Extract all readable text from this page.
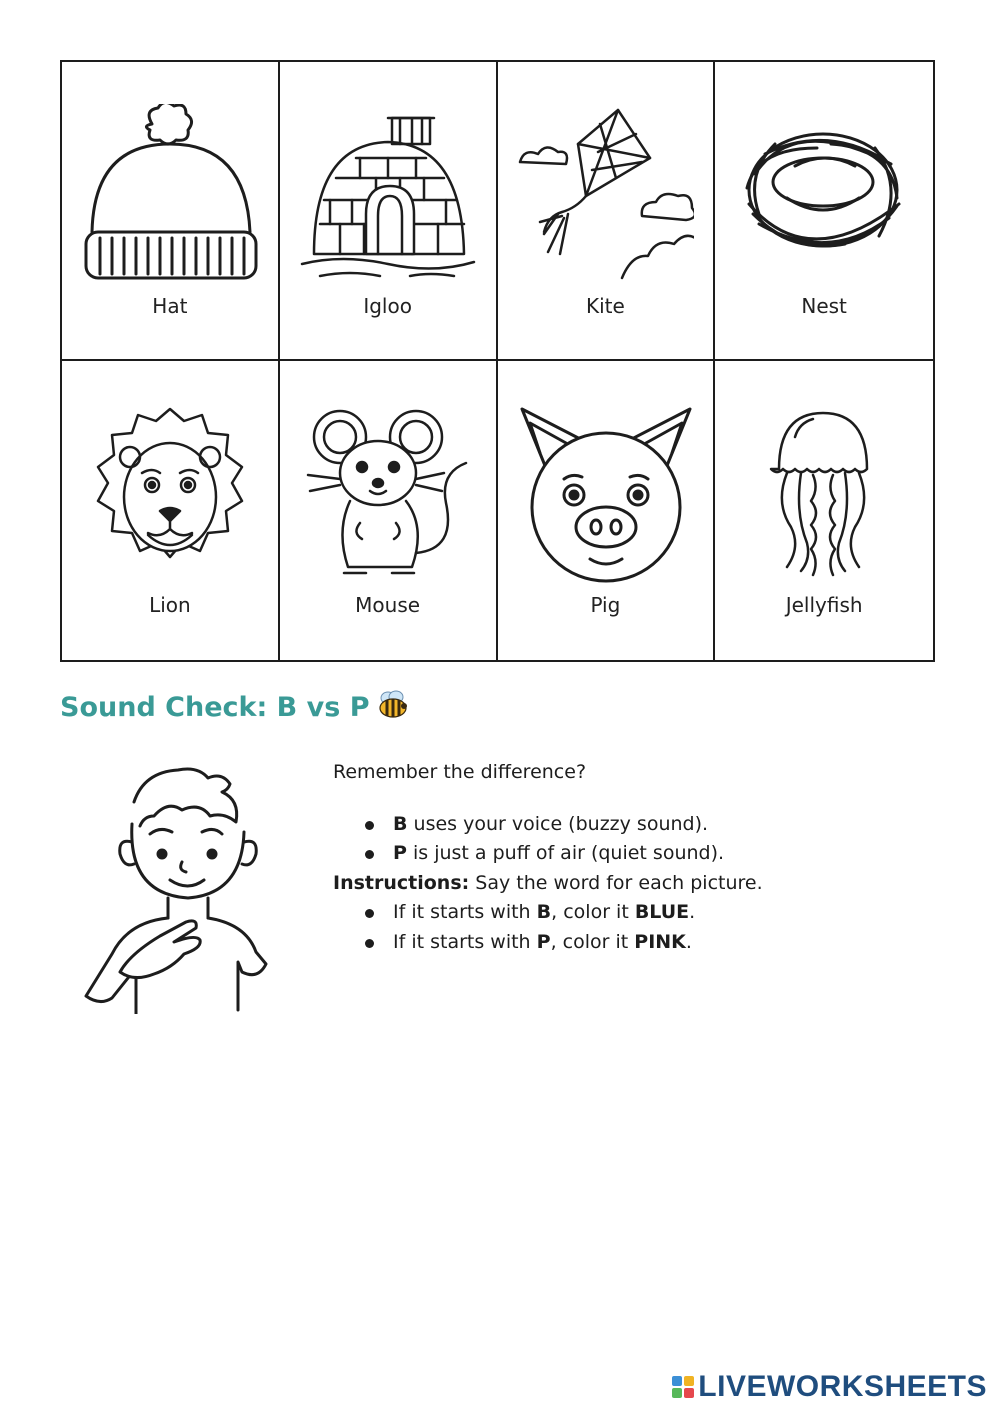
Hat	Igloo	Kite	Nest
Lion	Mouse	Pig	Jellyfish
Sound Check: B vs P

Remember the difference?

B uses your voice (buzzy sound).
P is just a puff of air (quiet sound).

Instructions: Say the word for each picture.

If it starts with B, color it BLUE.
If it starts with P, color it PINK.
LIVEWORKSHEETS
